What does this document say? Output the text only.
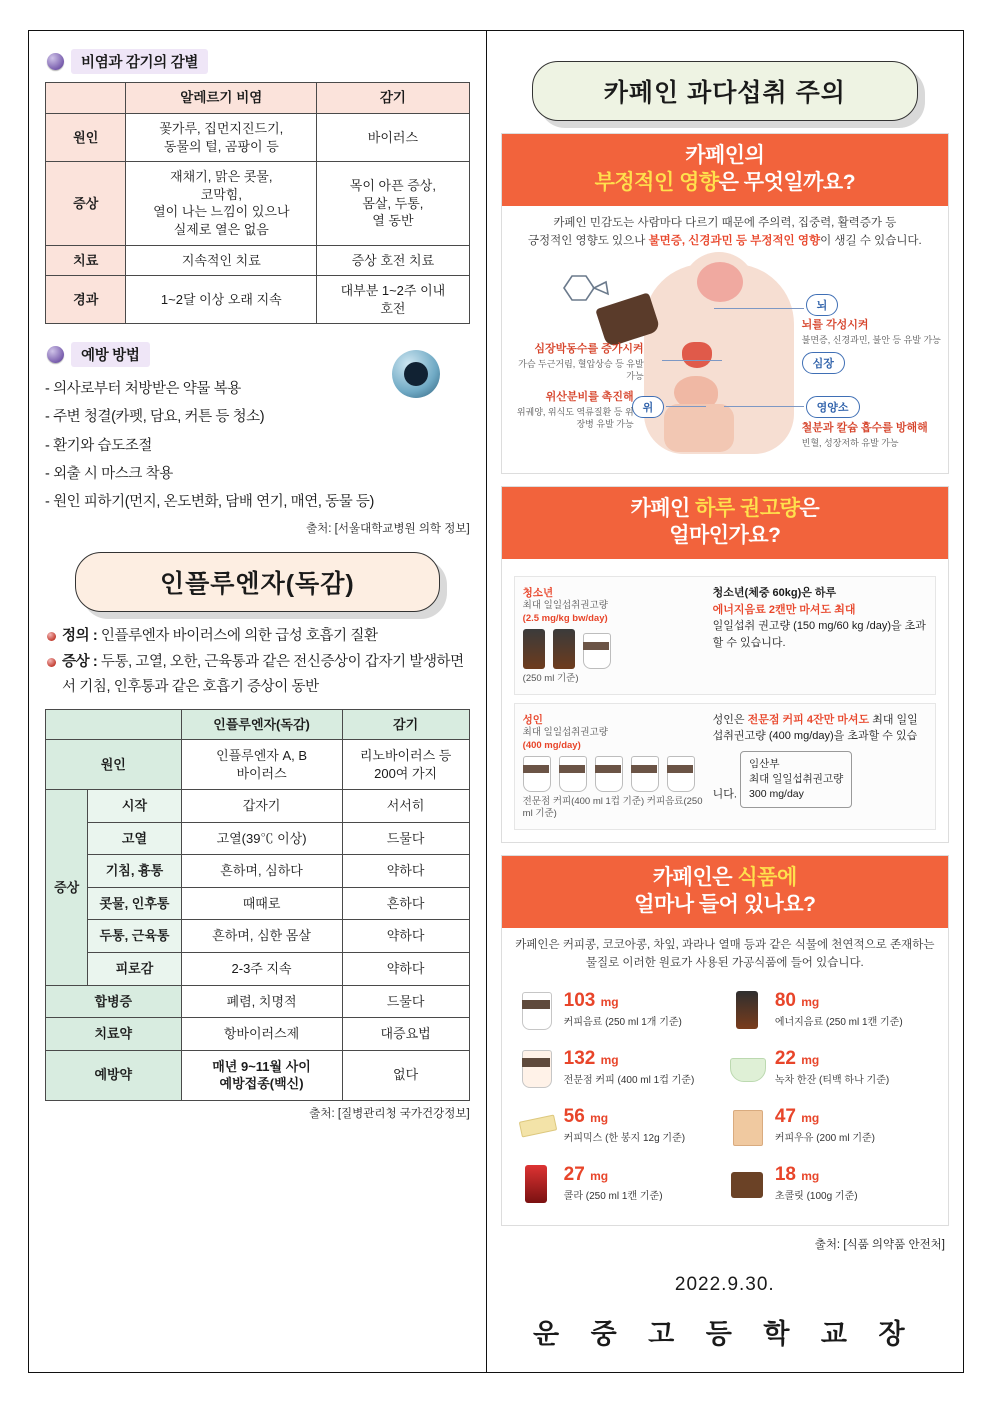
비염과 감기의 감별
	알레르기 비염	감기
원인	꽃가루, 집먼지진드기,
동물의 털, 곰팡이 등	바이러스
증상	재채기, 맑은 콧물,
코막힘,
열이 나는 느낌이 있으나
실제로 열은 없음	목이 아픈 증상,
몸살, 두통,
열 동반
치료	지속적인 치료	증상 호전 치료
경과	1~2달 이상 오래 지속	대부분 1~2주 이내
호전
예방 방법
- 의사로부터 처방받은 약물 복용
- 주변 청결(카펫, 담요, 커튼 등 청소)
- 환기와 습도조절
- 외출 시 마스크 착용
- 원인 피하기(먼지, 온도변화, 담배 연기, 매연, 동물 등)
출처: [서울대학교병원 의학 정보]
인플루엔자(독감)
정의 : 인플루엔자 바이러스에 의한 급성 호흡기 질환
증상 : 두통, 고열, 오한, 근육통과 같은 전신증상이 갑자기 발생하면서 기침, 인후통과 같은 호흡기 증상이 동반
		인플루엔자(독감)	감기
원인		인플루엔자 A, B
바이러스	리노바이러스 등
200여 가지
증상	시작	갑자기	서서히
	고열	고열(39℃ 이상)	드물다
	기침, 흉통	흔하며, 심하다	약하다
	콧물, 인후통	때때로	흔하다
	두통, 근육통	흔하며, 심한 몸살	약하다
	피로감	2-3주 지속	약하다
합병증		폐렴, 치명적	드물다
치료약		항바이러스제	대증요법
예방약		매년 9~11월 사이
예방접종(백신)	없다
출처: [질병관리청 국가건강정보]
카페인 과다섭취 주의
카페인의
부정적인 영향은 무엇일까요?
카페인 민감도는 사람마다 다르기 때문에 주의력, 집중력, 활력증가 등
긍정적인 영향도 있으나 불면증, 신경과민 등 부정적인 영향이 생길 수 있습니다.
뇌
심장
영양소
위
심장박동수를 증가시켜
가슴 두근거림, 혈압상승 등 유발 가능
위산분비를 촉진해
위궤양, 위식도 역류질환 등 위장병 유발 가능
뇌를 각성시켜
불면증, 신경과민, 불안 등 유발 가능
철분과 칼슘 흡수를 방해해
빈혈, 성장저하 유발 가능
카페인 하루 권고량은
얼마인가요?
청소년
최대 일일섭취권고량
(2.5 mg/kg bw/day)
(250 ml 기준)
청소년(체중 60kg)은 하루
에너지음료 2캔만 마셔도 최대
일일섭취 권고량 (150 mg/60 kg /day)을 초과할 수 있습니다.
성인
최대 일일섭취권고량
(400 mg/day)
전문점 커피(400 ml 1컵 기준) 커피음료(250 ml 기준)
성인은 전문점 커피 4잔만 마셔도 최대 일일섭취권고량 (400 mg/day)을 초과할 수 있습니다. 임산부
최대 일일섭취권고량
300 mg/day
카페인은 식품에
얼마나 들어 있나요?
카페인은 커피콩, 코코아콩, 차잎, 과라나 열매 등과 같은 식물에 천연적으로 존재하는 물질로 이러한 원료가 사용된 가공식품에 들어 있습니다.
103 mg
커피음료 (250 ml 1개 기준)
80 mg
에너지음료 (250 ml 1캔 기준)
132 mg
전문점 커피 (400 ml 1컵 기준)
22 mg
녹차 한잔 (티백 하나 기준)
56 mg
커피믹스 (한 봉지 12g 기준)
47 mg
커피우유 (200 ml 기준)
27 mg
콜라 (250 ml 1캔 기준)
18 mg
초콜릿 (100g 기준)
출처: [식품 의약품 안전처]
2022.9.30.
운 중 고 등 학 교 장
